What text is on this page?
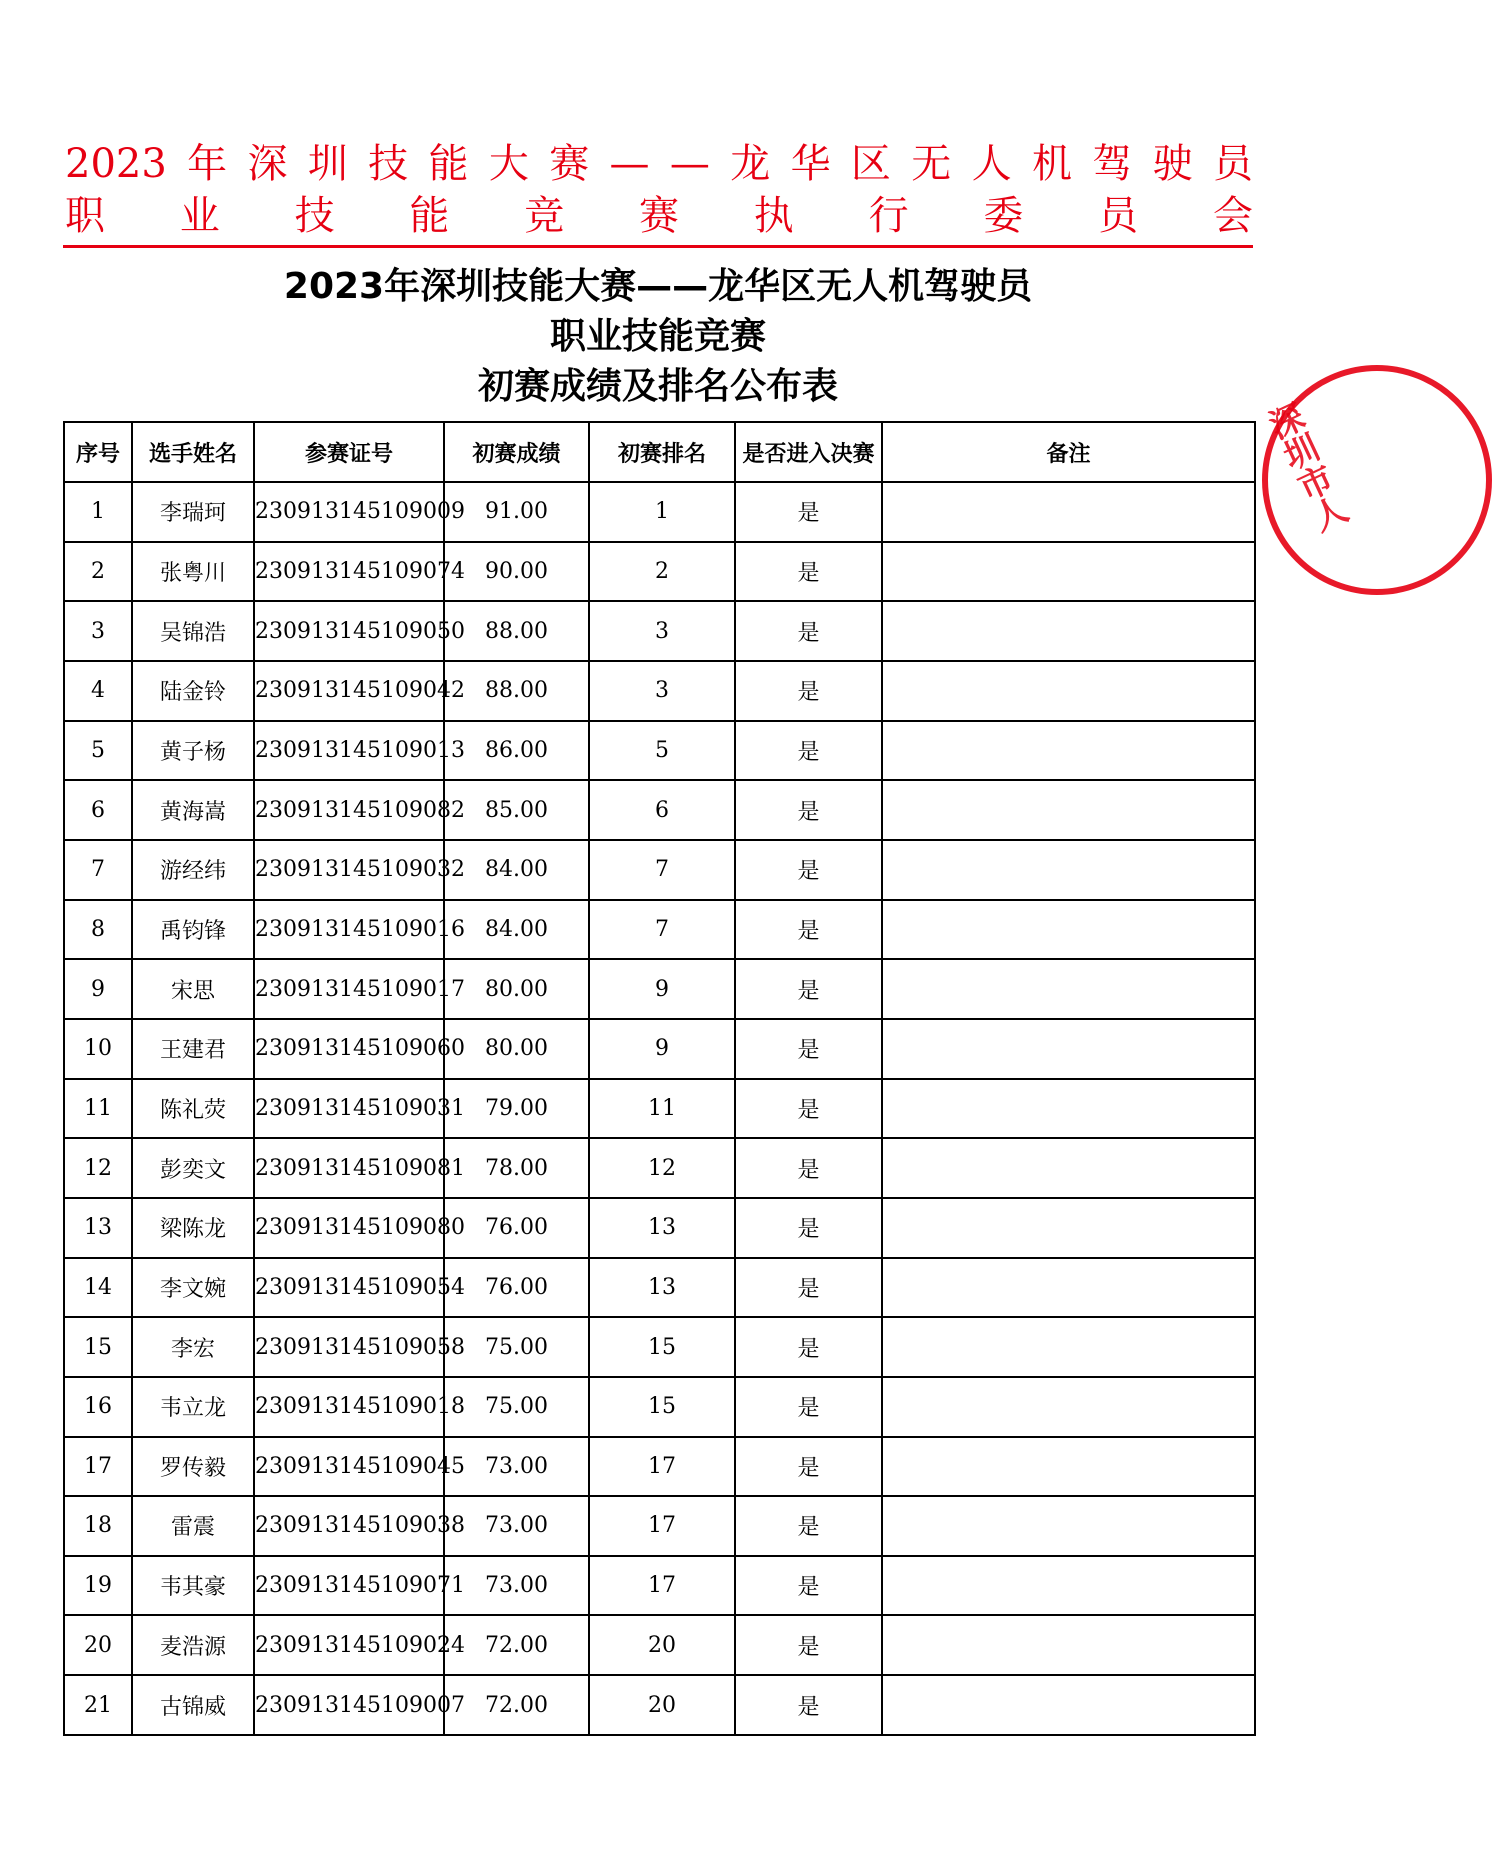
2023 年 深 圳 技 能 大 赛 — — 龙 华 区 无 人 机 驾 驶 员
职 业 技 能 竞 赛 执 行 委 员 会
深圳市人
2023年深圳技能大赛——龙华区无人机驾驶员
职业技能竞赛
初赛成绩及排名公布表
序号	选手姓名	参赛证号	初赛成绩	初赛排名	是否进入决赛	备注
1	李瑞珂	230913145109009	91.00	1	是	
2	张粤川	230913145109074	90.00	2	是	
3	吴锦浩	230913145109050	88.00	3	是	
4	陆金铃	230913145109042	88.00	3	是	
5	黄子杨	230913145109013	86.00	5	是	
6	黄海嵩	230913145109082	85.00	6	是	
7	游经纬	230913145109032	84.00	7	是	
8	禹钧锋	230913145109016	84.00	7	是	
9	宋思	230913145109017	80.00	9	是	
10	王建君	230913145109060	80.00	9	是	
11	陈礼荧	230913145109031	79.00	11	是	
12	彭奕文	230913145109081	78.00	12	是	
13	梁陈龙	230913145109080	76.00	13	是	
14	李文婉	230913145109054	76.00	13	是	
15	李宏	230913145109058	75.00	15	是	
16	韦立龙	230913145109018	75.00	15	是	
17	罗传毅	230913145109045	73.00	17	是	
18	雷震	230913145109038	73.00	17	是	
19	韦其豪	230913145109071	73.00	17	是	
20	麦浩源	230913145109024	72.00	20	是	
21	古锦威	230913145109007	72.00	20	是	
